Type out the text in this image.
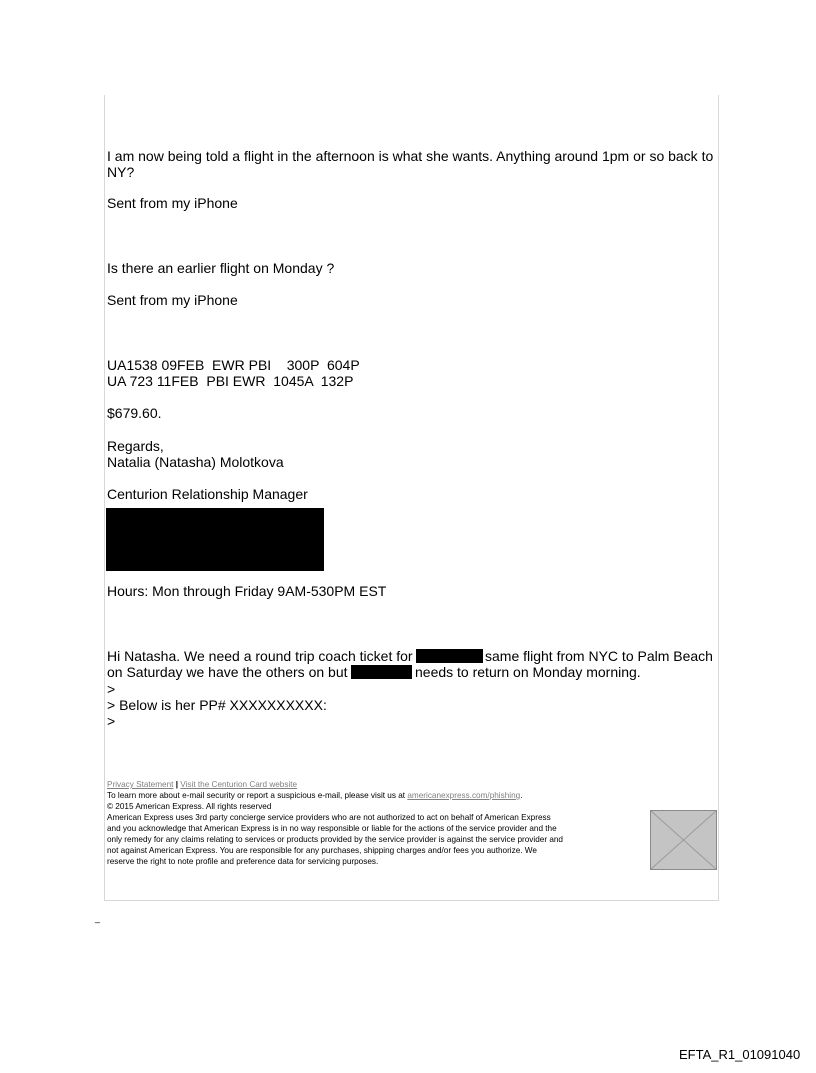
I am now being told a flight in the afternoon is what she wants. Anything around 1pm or so back to
NY?
Sent from my iPhone
Is there an earlier flight on Monday ?
Sent from my iPhone
UA1538 09FEB  EWR PBI    300P  604P
UA 723 11FEB  PBI EWR  1045A  132P
$679.60.
Regards,
Natalia (Natasha) Molotkova
Centurion Relationship Manager
Hours: Mon through Friday 9AM-530PM EST
Hi Natasha. We need a round trip coach ticket for	same flight from NYC to Palm Beach
on Saturday we have the others on but	needs to return on Monday morning.
>
> Below is her PP# XXXXXXXXXX:
>
Privacy Statement | Visit the Centurion Card website
To learn more about e-mail security or report a suspicious e-mail, please visit us at americanexpress.com/phishing.
© 2015 American Express. All rights reserved
American Express uses 3rd party concierge service providers who are not authorized to act on behalf of American Express
and you acknowledge that American Express is in no way responsible or liable for the actions of the service provider and the
only remedy for any claims relating to services or products provided by the service provider is against the service provider and
not against American Express. You are responsible for any purchases, shipping charges and/or fees you authorize. We
reserve the right to note profile and preference data for servicing purposes.
_
EFTA_R1_01091040
